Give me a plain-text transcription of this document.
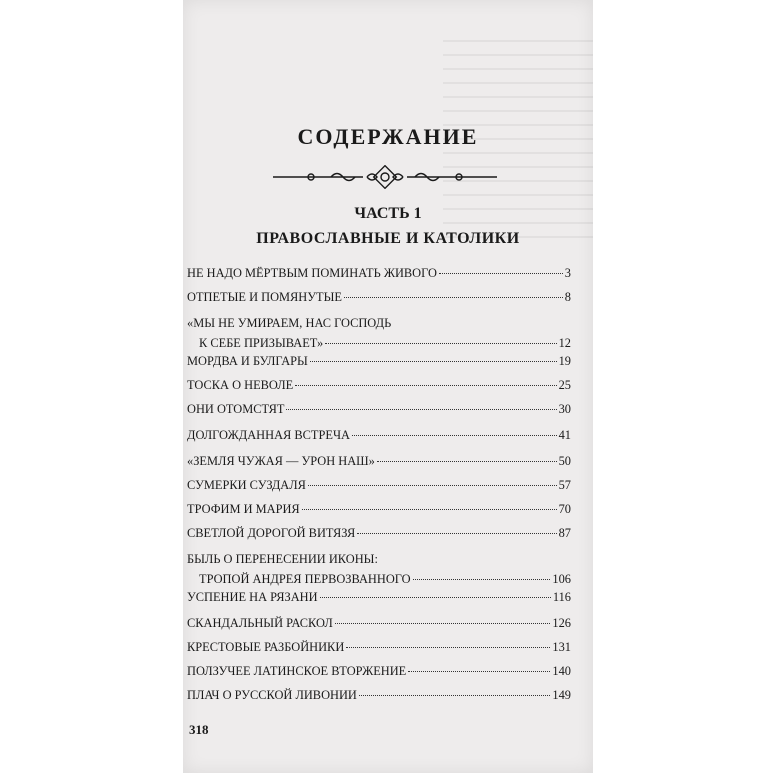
СОДЕРЖАНИЕ
ЧАСТЬ 1
ПРАВОСЛАВНЫЕ И КАТОЛИКИ
НЕ НАДО МЁРТВЫМ ПОМИНАТЬ ЖИВОГО	3
ОТПЕТЫЕ И ПОМЯНУТЫЕ	8
«МЫ НЕ УМИРАЕМ, НАС ГОСПОДЬ
К СЕБЕ ПРИЗЫВАЕТ»	12
МОРДВА И БУЛГАРЫ	19
ТОСКА О НЕВОЛЕ	25
ОНИ ОТОМСТЯТ	30
ДОЛГОЖДАННАЯ ВСТРЕЧА	41
«ЗЕМЛЯ ЧУЖАЯ — УРОН НАШ»	50
СУМЕРКИ СУЗДАЛЯ	57
ТРОФИМ И МАРИЯ	70
СВЕТЛОЙ ДОРОГОЙ ВИТЯЗЯ	87
БЫЛЬ О ПЕРЕНЕСЕНИИ ИКОНЫ:
ТРОПОЙ АНДРЕЯ ПЕРВОЗВАННОГО	106
УСПЕНИЕ НА РЯЗАНИ	116
СКАНДАЛЬНЫЙ РАСКОЛ	126
КРЕСТОВЫЕ РАЗБОЙНИКИ	131
ПОЛЗУЧЕЕ ЛАТИНСКОЕ ВТОРЖЕНИЕ	140
ПЛАЧ О РУССКОЙ ЛИВОНИИ	149
318
